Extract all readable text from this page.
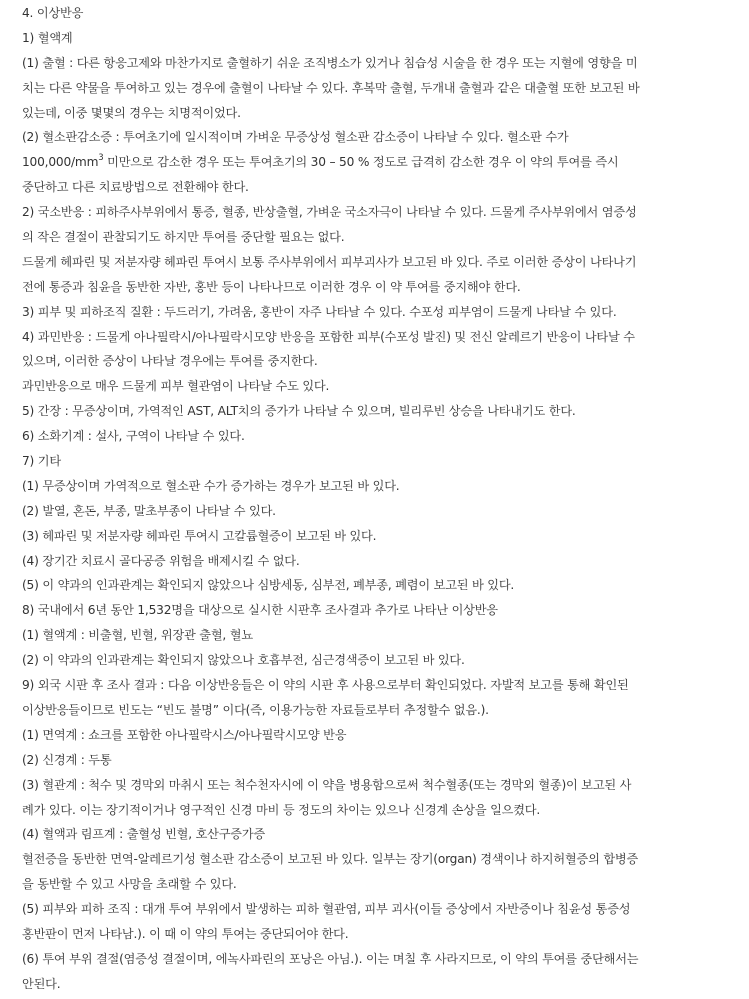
4. 이상반응
1) 혈액계
(1) 출혈 : 다른 항응고제와 마찬가지로 출혈하기 쉬운 조직병소가 있거나 침습성 시술을 한 경우 또는 지혈에 영향을 미
치는 다른 약물을 투여하고 있는 경우에 출혈이 나타날 수 있다. 후복막 출혈, 두개내 출혈과 같은 대출혈 또한 보고된 바
있는데, 이중 몇몇의 경우는 치명적이었다.
(2) 혈소판감소증 : 투여초기에 일시적이며 가벼운 무증상성 혈소판 감소증이 나타날 수 있다. 혈소판 수가
$100,000/mm^3$ 미만으로 감소한 경우 또는 투여초기의 30 – 50 % 정도로 급격히 감소한 경우 이 약의 투여를 즉시
중단하고 다른 치료방법으로 전환해야 한다.
2) 국소반응 : 피하주사부위에서 통증, 혈종, 반상출혈, 가벼운 국소자극이 나타날 수 있다. 드물게 주사부위에서 염증성
의 작은 결절이 관찰되기도 하지만 투여를 중단할 필요는 없다.
드물게 헤파린 및 저분자량 헤파린 투여시 보통 주사부위에서 피부괴사가 보고된 바 있다. 주로 이러한 증상이 나타나기
전에 통증과 침윤을 동반한 자반, 홍반 등이 나타나므로 이러한 경우 이 약 투여를 중지해야 한다.
3) 피부 및 피하조직 질환 : 두드러기, 가려움, 홍반이 자주 나타날 수 있다. 수포성 피부염이 드물게 나타날 수 있다.
4) 과민반응 : 드물게 아나필락시/아나필락시모양 반응을 포함한 피부(수포성 발진) 및 전신 알레르기 반응이 나타날 수
있으며, 이러한 증상이 나타날 경우에는 투여를 중지한다.
과민반응으로 매우 드물게 피부 혈관염이 나타날 수도 있다.
5) 간장 : 무증상이며, 가역적인 AST, ALT치의 증가가 나타날 수 있으며, 빌리루빈 상승을 나타내기도 한다.
6) 소화기계 : 설사, 구역이 나타날 수 있다.
7) 기타
(1) 무증상이며 가역적으로 혈소판 수가 증가하는 경우가 보고된 바 있다.
(2) 발열, 혼돈, 부종, 말초부종이 나타날 수 있다.
(3) 헤파린 및 저분자량 헤파린 투여시 고칼륨혈증이 보고된 바 있다.
(4) 장기간 치료시 골다공증 위험을 배제시킬 수 없다.
(5) 이 약과의 인과관계는 확인되지 않았으나 심방세동, 심부전, 폐부종, 폐렴이 보고된 바 있다.
8) 국내에서 6년 동안 1,532명을 대상으로 실시한 시판후 조사결과 추가로 나타난 이상반응
(1) 혈액계 : 비출혈, 빈혈, 위장관 출혈, 혈뇨
(2) 이 약과의 인과관계는 확인되지 않았으나 호흡부전, 심근경색증이 보고된 바 있다.
9) 외국 시판 후 조사 결과 : 다음 이상반응들은 이 약의 시판 후 사용으로부터 확인되었다. 자발적 보고를 통해 확인된
이상반응들이므로 빈도는 “빈도 불명” 이다(즉, 이용가능한 자료들로부터 추정할수 없음.).
(1) 면역계 : 쇼크를 포함한 아나필락시스/아나필락시모양 반응
(2) 신경계 : 두통
(3) 혈관계 : 척수 및 경막외 마취시 또는 척수천자시에 이 약을 병용함으로써 척수혈종(또는 경막외 혈종)이 보고된 사
례가 있다. 이는 장기적이거나 영구적인 신경 마비 등 정도의 차이는 있으나 신경계 손상을 일으켰다.
(4) 혈액과 림프계 : 출혈성 빈혈, 호산구증가증
혈전증을 동반한 면역-알레르기성 혈소판 감소증이 보고된 바 있다. 일부는 장기(organ) 경색이나 하지허혈증의 합병증
을 동반할 수 있고 사망을 초래할 수 있다.
(5) 피부와 피하 조직 : 대개 투여 부위에서 발생하는 피하 혈관염, 피부 괴사(이들 증상에서 자반증이나 침윤성 통증성
홍반판이 먼저 나타남.). 이 때 이 약의 투여는 중단되어야 한다.
(6) 투여 부위 결절(염증성 결절이며, 에녹사파린의 포낭은 아님.). 이는 며칠 후 사라지므로, 이 약의 투여를 중단해서는
안된다.
